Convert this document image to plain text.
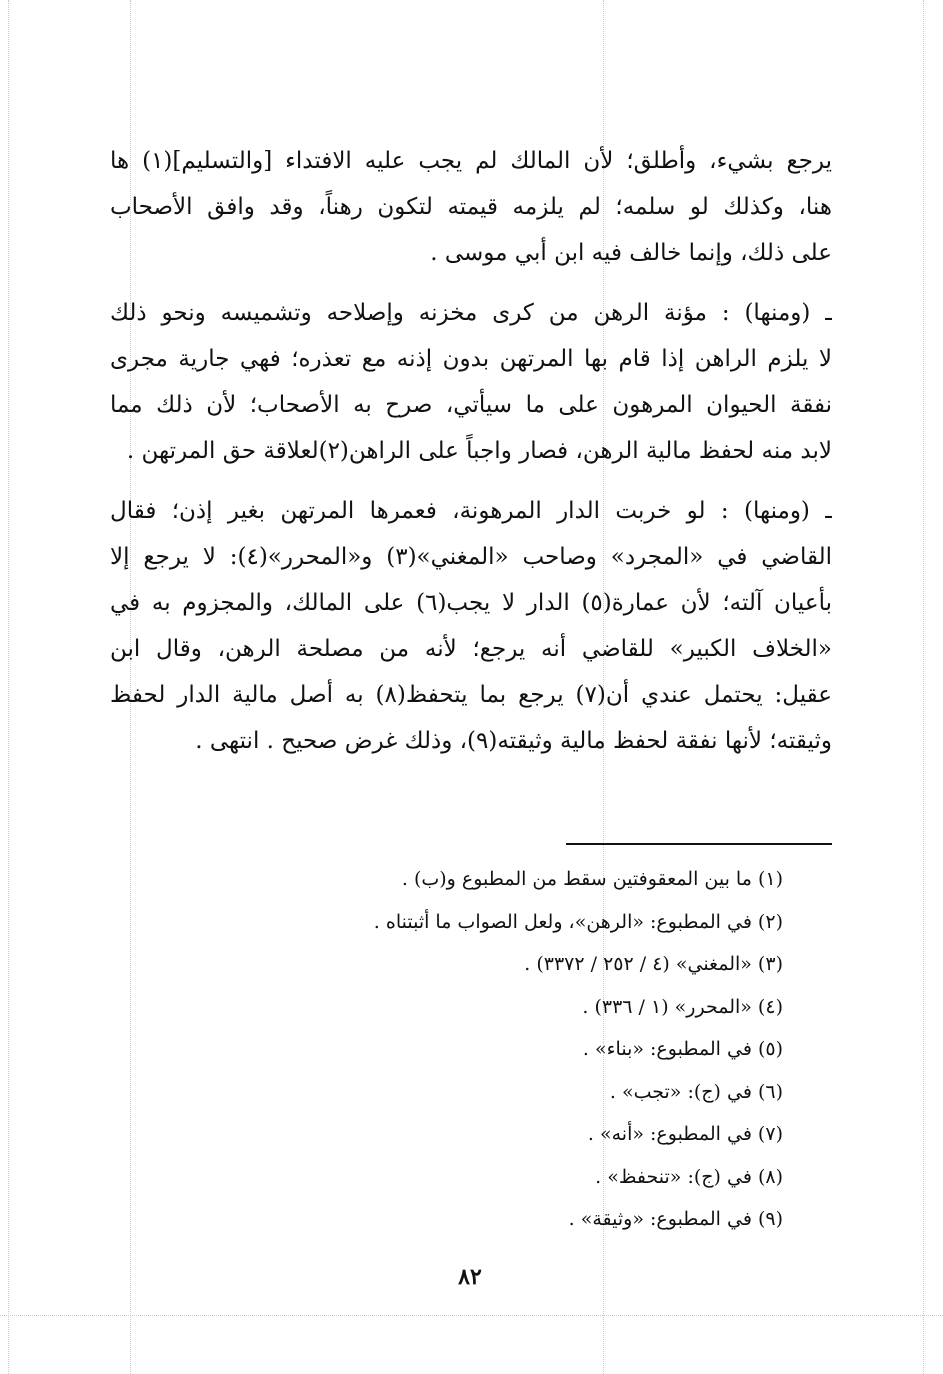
يرجع بشيء، وأطلق؛ لأن المالك لم يجب عليه الافتداء [والتسليم](١) ها
هنا، وكذلك لو سلمه؛ لم يلزمه قيمته لتكون رهناً، وقد وافق الأصحاب
على ذلك، وإنما خالف فيه ابن أبي موسى .
ـ (ومنها) : مؤنة الرهن من كرى مخزنه وإصلاحه وتشميسه ونحو ذلك
لا يلزم الراهن إذا قام بها المرتهن بدون إذنه مع تعذره؛ فهي جارية مجرى
نفقة الحيوان المرهون على ما سيأتي، صرح به الأصحاب؛ لأن ذلك مما
لابد منه لحفظ مالية الرهن، فصار واجباً على الراهن(٢)لعلاقة حق المرتهن .
ـ (ومنها) : لو خربت الدار المرهونة، فعمرها المرتهن بغير إذن؛ فقال
القاضي في «المجرد» وصاحب «المغني»(٣) و«المحرر»(٤): لا يرجع إلا
بأعيان آلته؛ لأن عمارة(٥) الدار لا يجب(٦) على المالك، والمجزوم به في
«الخلاف الكبير» للقاضي أنه يرجع؛ لأنه من مصلحة الرهن، وقال ابن
عقيل: يحتمل عندي أن(٧) يرجع بما يتحفظ(٨) به أصل مالية الدار لحفظ
وثيقته؛ لأنها نفقة لحفظ مالية وثيقته(٩)، وذلك غرض صحيح . انتهى .
(١) ما بين المعقوفتين سقط من المطبوع و(ب) .
(٢) في المطبوع: «الرهن»، ولعل الصواب ما أثبتناه .
(٣) «المغني» (٤ / ٢٥٢ / ٣٣٧٢) .
(٤) «المحرر» (١ / ٣٣٦) .
(٥) في المطبوع: «بناء» .
(٦) في (ج): «تجب» .
(٧) في المطبوع: «أنه» .
(٨) في (ج): «تنحفظ» .
(٩) في المطبوع: «وثيقة» .
٨٢
